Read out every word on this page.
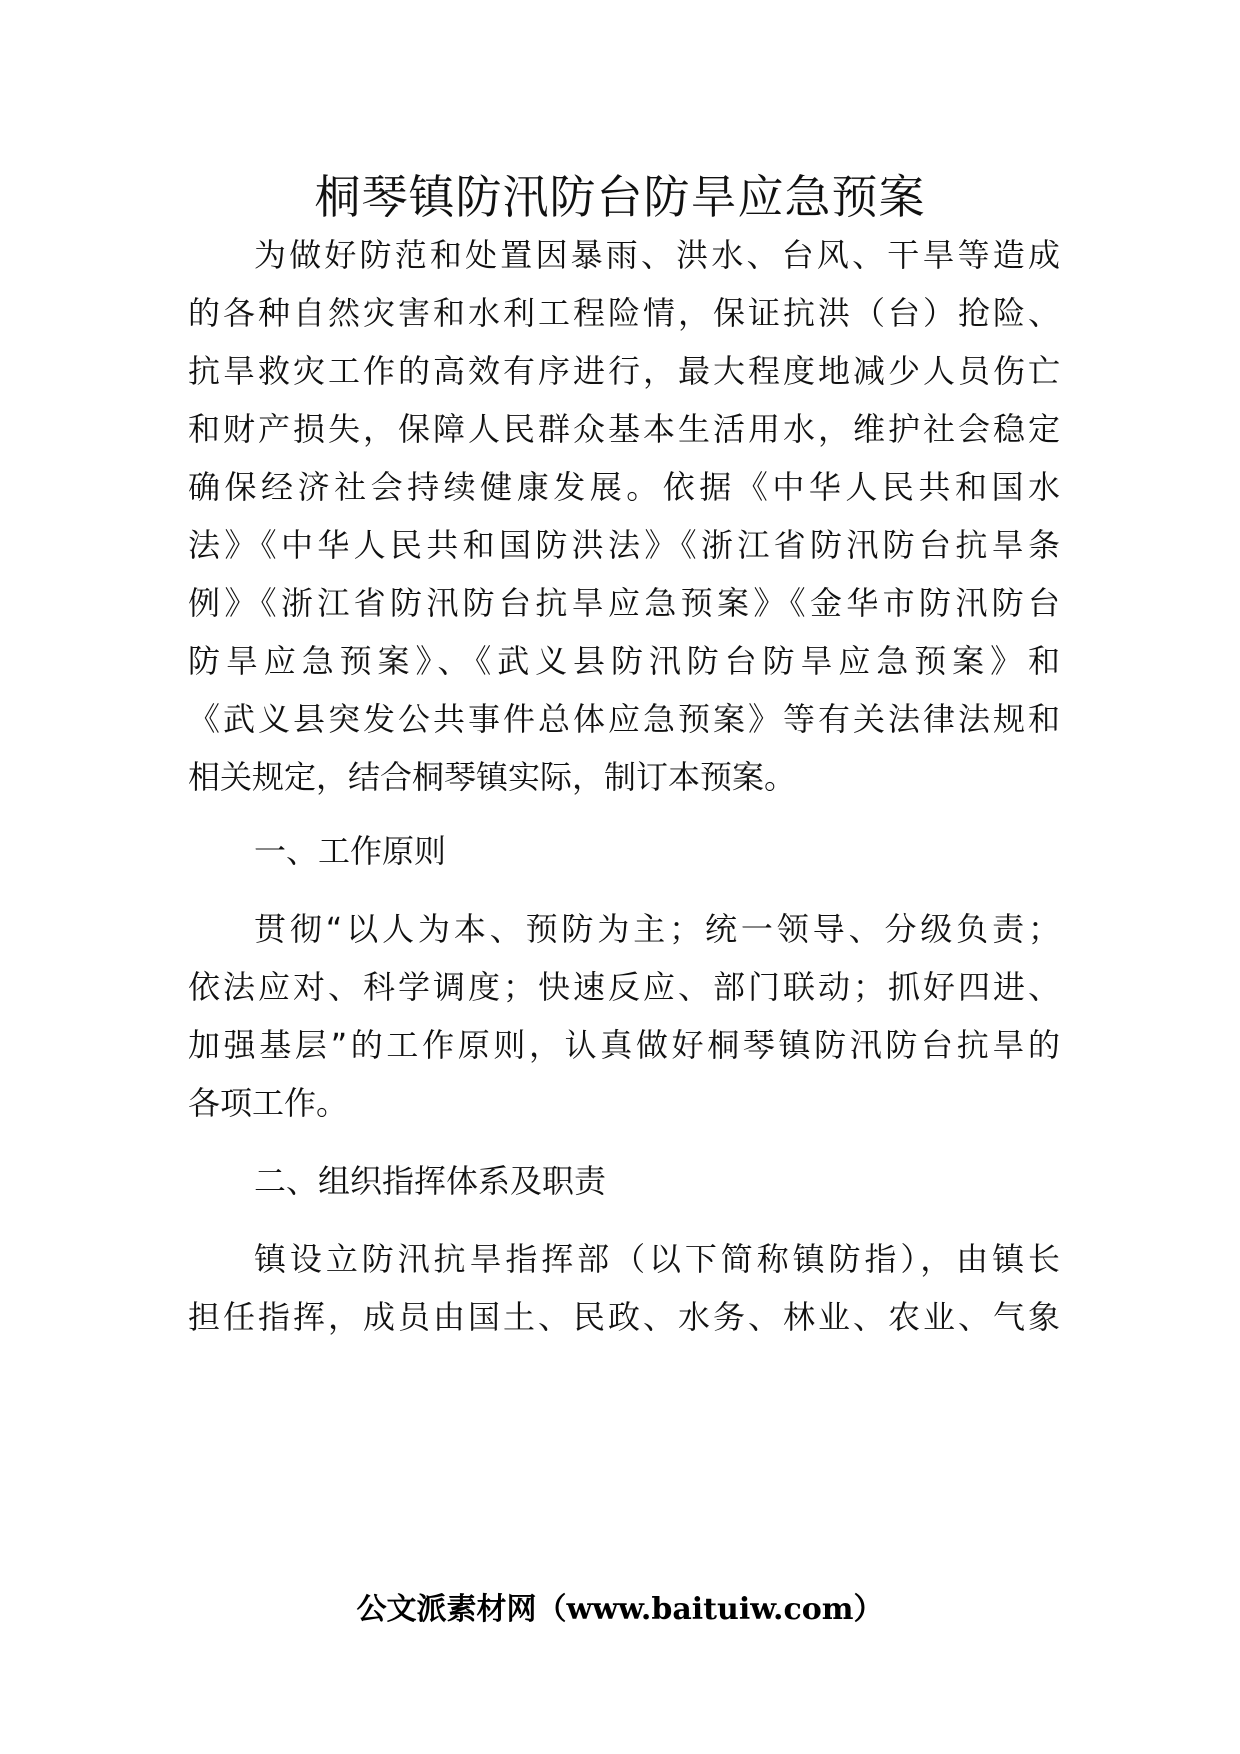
桐琴镇防汛防台防旱应急预案
为做好防范和处置因暴雨、洪水、台风、干旱等造成
的各种自然灾害和水利工程险情，保证抗洪（台）抢险、
抗旱救灾工作的高效有序进行，最大程度地减少人员伤亡
和财产损失，保障人民群众基本生活用水，维护社会稳定
确保经济社会持续健康发展。依据《中华人民共和国水
法》《中华人民共和国防洪法》《浙江省防汛防台抗旱条
例》《浙江省防汛防台抗旱应急预案》《金华市防汛防台
防旱应急预案》、《武义县防汛防台防旱应急预案》和
《武义县突发公共事件总体应急预案》等有关法律法规和
相关规定，结合桐琴镇实际，制订本预案。
一、工作原则
贯彻“以人为本、预防为主；统一领导、分级负责；
依法应对、科学调度；快速反应、部门联动；抓好四进、
加强基层”的工作原则，认真做好桐琴镇防汛防台抗旱的
各项工作。
二、组织指挥体系及职责
镇设立防汛抗旱指挥部（以下简称镇防指），由镇长
担任指挥，成员由国土、民政、水务、林业、农业、气象
公文派素材网（www.baituiw.com）
